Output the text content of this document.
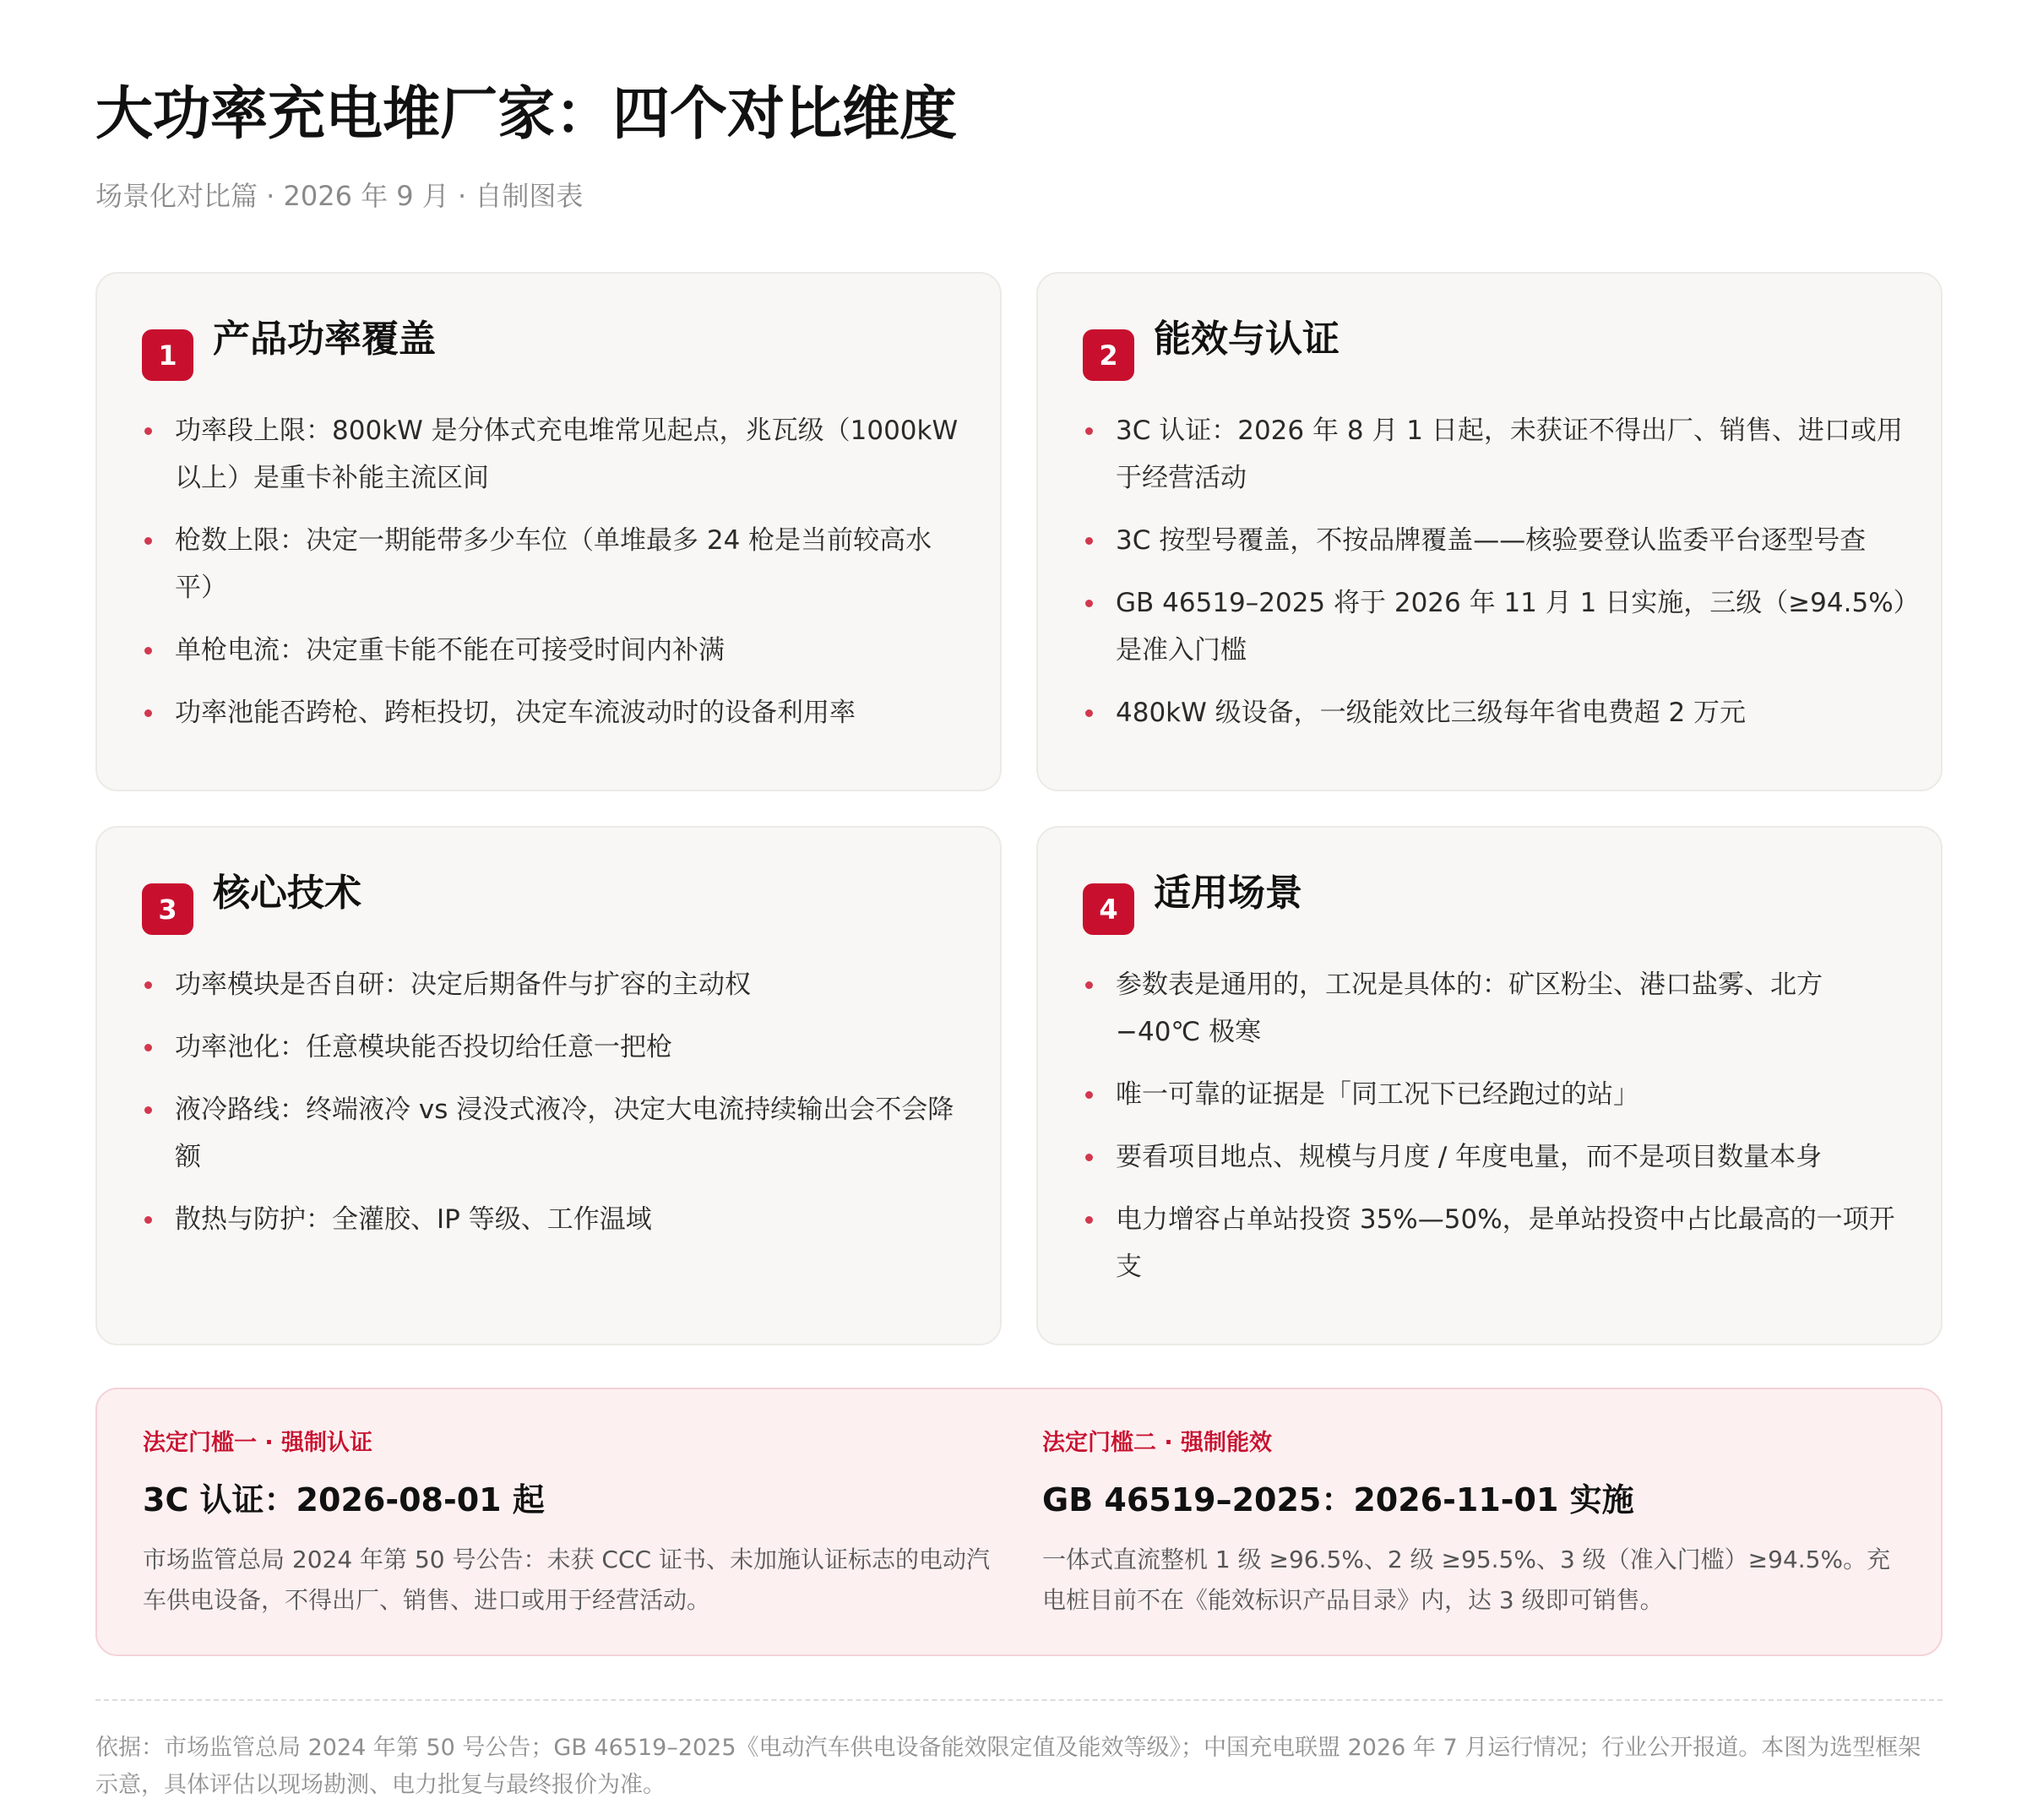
大功率充电堆厂家：四个对比维度
场景化对比篇 · 2026 年 9 月 · 自制图表
1 产品功率覆盖
功率段上限：800kW 是分体式充电堆常见起点，兆瓦级（1000kW 以上）是重卡补能主流区间
枪数上限：决定一期能带多少车位（单堆最多 24 枪是当前较高水平）
单枪电流：决定重卡能不能在可接受时间内补满
功率池能否跨枪、跨柜投切，决定车流波动时的设备利用率
2 能效与认证
3C 认证：2026 年 8 月 1 日起，未获证不得出厂、销售、进口或用于经营活动
3C 按型号覆盖，不按品牌覆盖——核验要登认监委平台逐型号查
GB 46519–2025 将于 2026 年 11 月 1 日实施，三级（≥94.5%）是准入门槛
480kW 级设备，一级能效比三级每年省电费超 2 万元
3 核心技术
功率模块是否自研：决定后期备件与扩容的主动权
功率池化：任意模块能否投切给任意一把枪
液冷路线：终端液冷 vs 浸没式液冷，决定大电流持续输出会不会降额
散热与防护：全灌胶、IP 等级、工作温域
4 适用场景
参数表是通用的，工况是具体的：矿区粉尘、港口盐雾、北方 −40℃ 极寒
唯一可靠的证据是「同工况下已经跑过的站」
要看项目地点、规模与月度 / 年度电量，而不是项目数量本身
电力增容占单站投资 35%—50%，是单站投资中占比最高的一项开支
法定门槛一 · 强制认证
3C 认证：2026-08-01 起
市场监管总局 2024 年第 50 号公告：未获 CCC 证书、未加施认证标志的电动汽车供电设备，不得出厂、销售、进口或用于经营活动。
法定门槛二 · 强制能效
GB 46519–2025：2026-11-01 实施
一体式直流整机 1 级 ≥96.5%、2 级 ≥95.5%、3 级（准入门槛）≥94.5%。充电桩目前不在《能效标识产品目录》内，达 3 级即可销售。

依据：市场监管总局 2024 年第 50 号公告；GB 46519–2025《电动汽车供电设备能效限定值及能效等级》；中国充电联盟 2026 年 7 月运行情况；行业公开报道。本图为选型框架示意，具体评估以现场勘测、电力批复与最终报价为准。
